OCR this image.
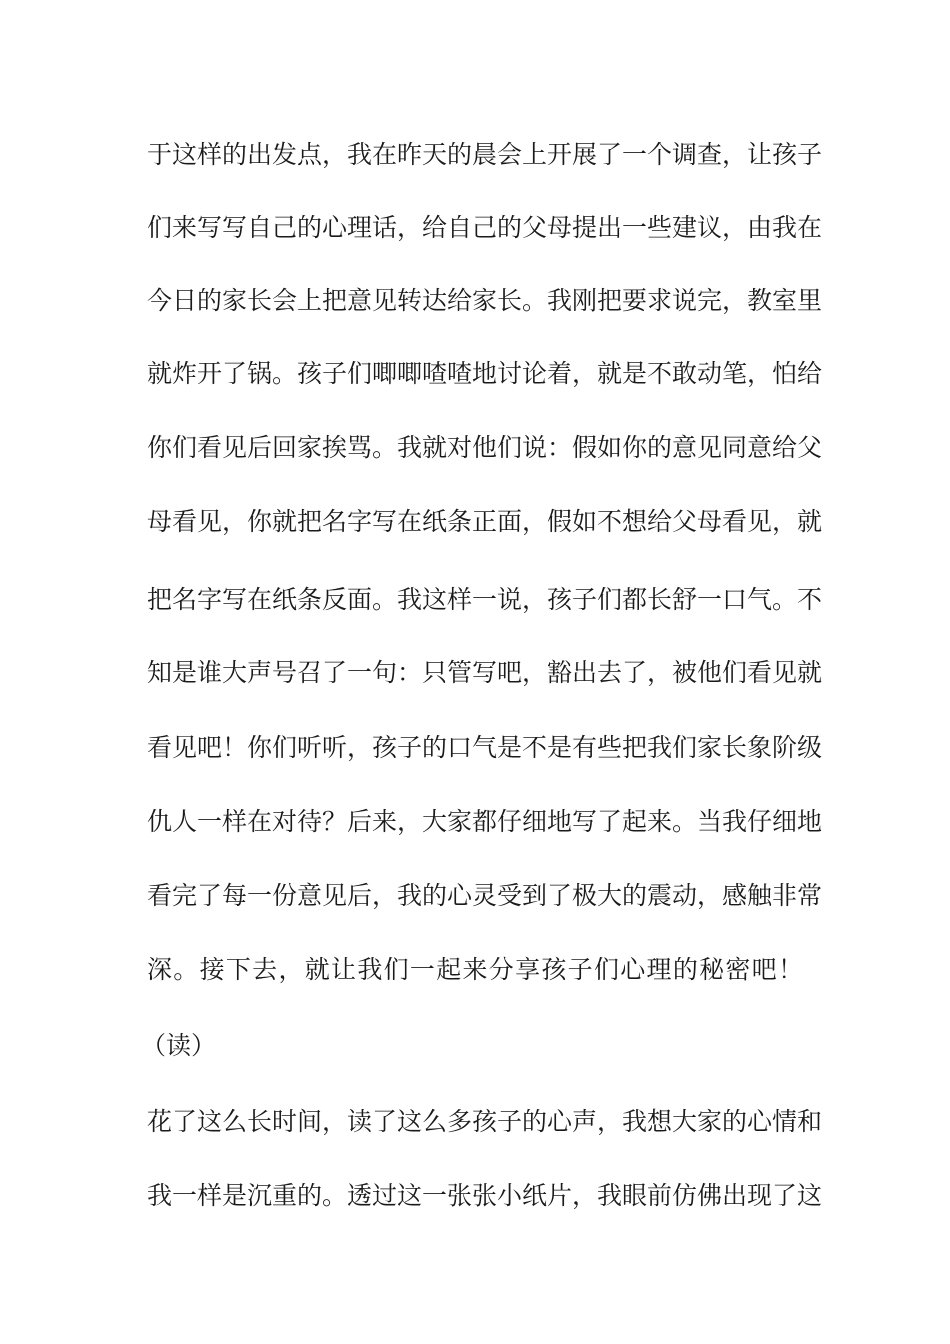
于这样的出发点，我在昨天的晨会上开展了一个调查，让孩子
们来写写自己的心理话，给自己的父母提出一些建议，由我在
今日的家长会上把意见转达给家长。我刚把要求说完，教室里
就炸开了锅。孩子们唧唧喳喳地讨论着，就是不敢动笔，怕给
你们看见后回家挨骂。我就对他们说：假如你的意见同意给父
母看见，你就把名字写在纸条正面，假如不想给父母看见，就
把名字写在纸条反面。我这样一说，孩子们都长舒一口气。不
知是谁大声号召了一句：只管写吧，豁出去了，被他们看见就
看见吧！你们听听，孩子的口气是不是有些把我们家长象阶级
仇人一样在对待？后来，大家都仔细地写了起来。当我仔细地
看完了每一份意见后，我的心灵受到了极大的震动，感触非常
深。接下去，就让我们一起来分享孩子们心理的秘密吧！
（读）
花了这么长时间，读了这么多孩子的心声，我想大家的心情和
我一样是沉重的。透过这一张张小纸片，我眼前仿佛出现了这
